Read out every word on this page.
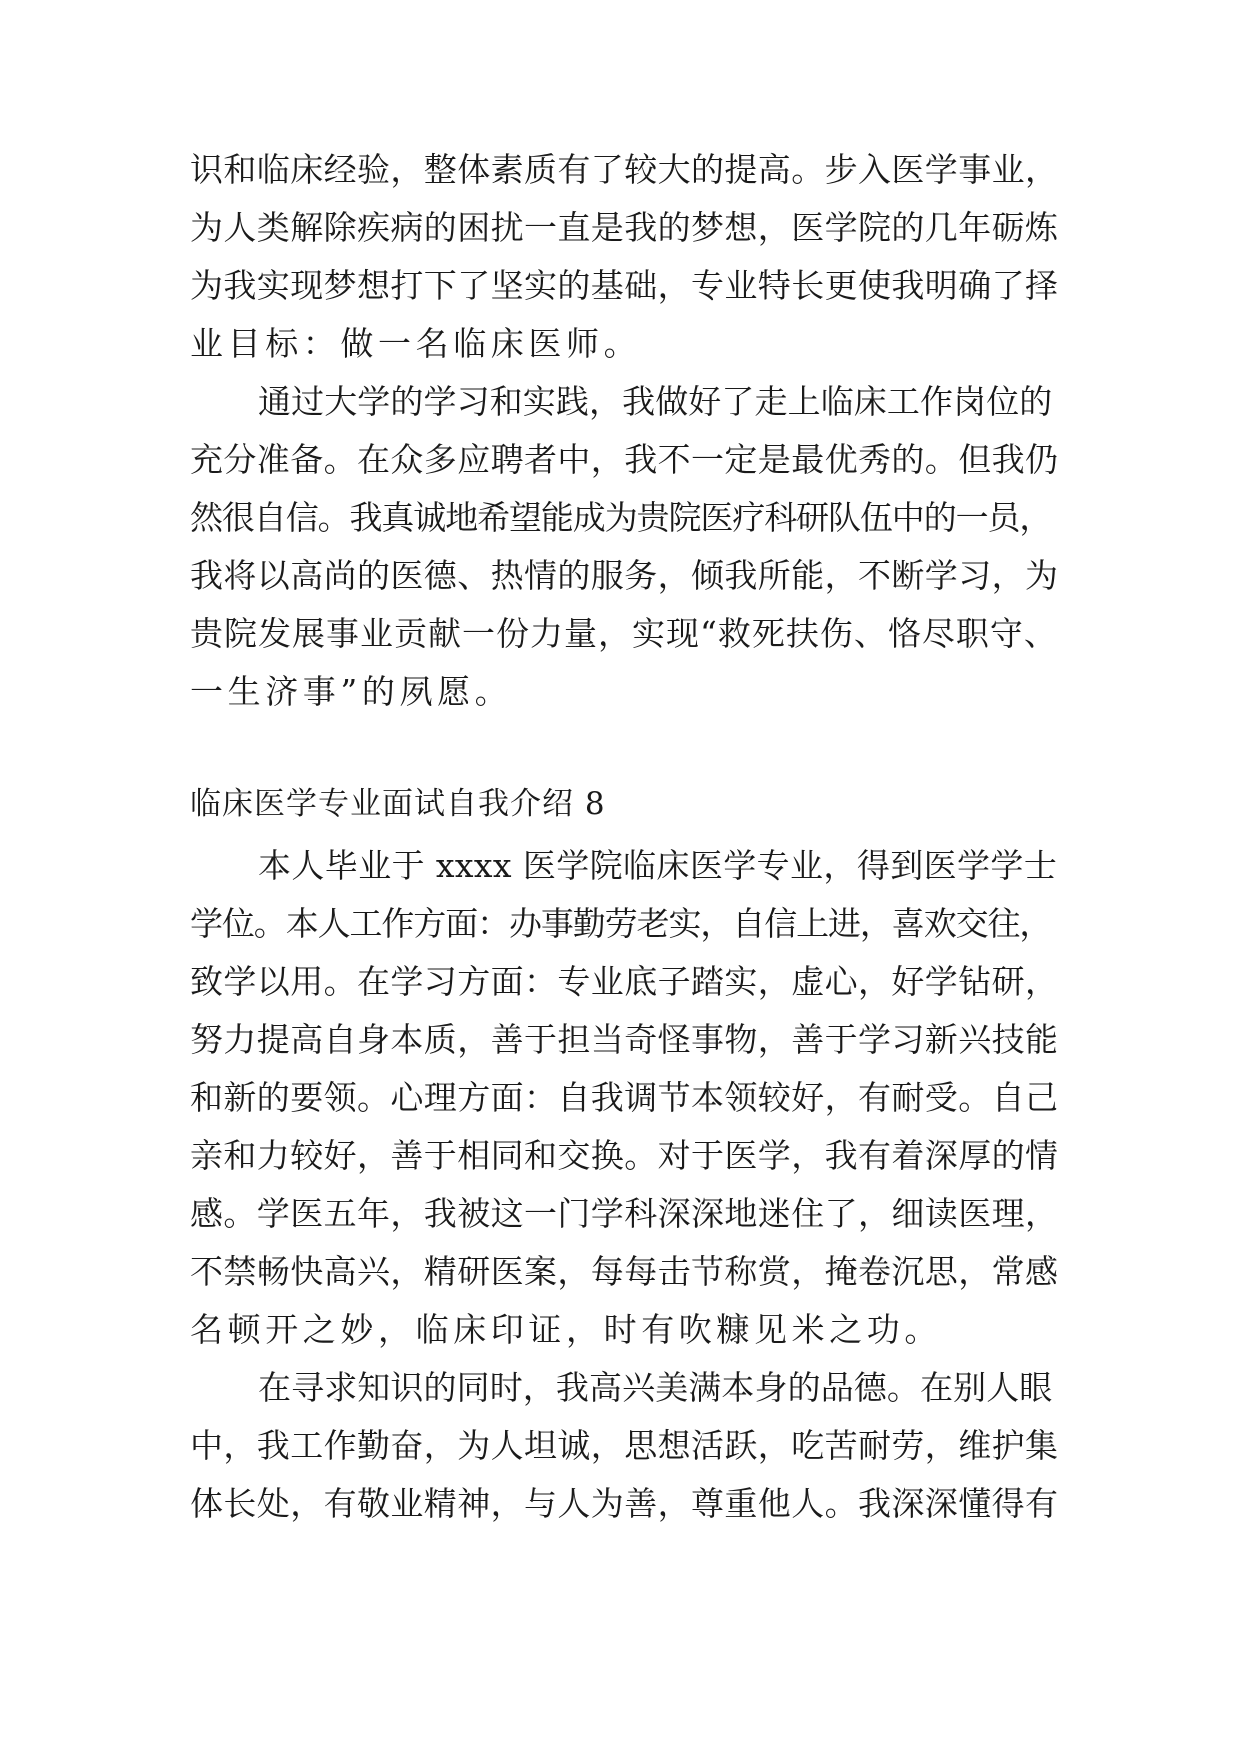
识和临床经验，整体素质有了较大的提高。步入医学事业，
为人类解除疾病的困扰一直是我的梦想，医学院的几年砺炼
为我实现梦想打下了坚实的基础，专业特长更使我明确了择
业目标：做一名临床医师。
通过大学的学习和实践，我做好了走上临床工作岗位的
充分准备。在众多应聘者中，我不一定是最优秀的。但我仍
然很自信。我真诚地希望能成为贵院医疗科研队伍中的一员，
我将以高尚的医德、热情的服务，倾我所能，不断学习，为
贵院发展事业贡献一份力量，实现“救死扶伤、恪尽职守、
一生济事”的夙愿。
临床医学专业面试自我介绍 8
本人毕业于 xxxx 医学院临床医学专业，得到医学学士
学位。本人工作方面：办事勤劳老实，自信上进，喜欢交往，
致学以用。在学习方面：专业底子踏实，虚心，好学钻研，
努力提高自身本质，善于担当奇怪事物，善于学习新兴技能
和新的要领。心理方面：自我调节本领较好，有耐受。自己
亲和力较好，善于相同和交换。对于医学，我有着深厚的情
感。学医五年，我被这一门学科深深地迷住了，细读医理，
不禁畅快高兴，精研医案，每每击节称赏，掩卷沉思，常感
名顿开之妙，临床印证，时有吹糠见米之功。
在寻求知识的同时，我高兴美满本身的品德。在别人眼
中，我工作勤奋，为人坦诚，思想活跃，吃苦耐劳，维护集
体长处，有敬业精神，与人为善，尊重他人。我深深懂得有
